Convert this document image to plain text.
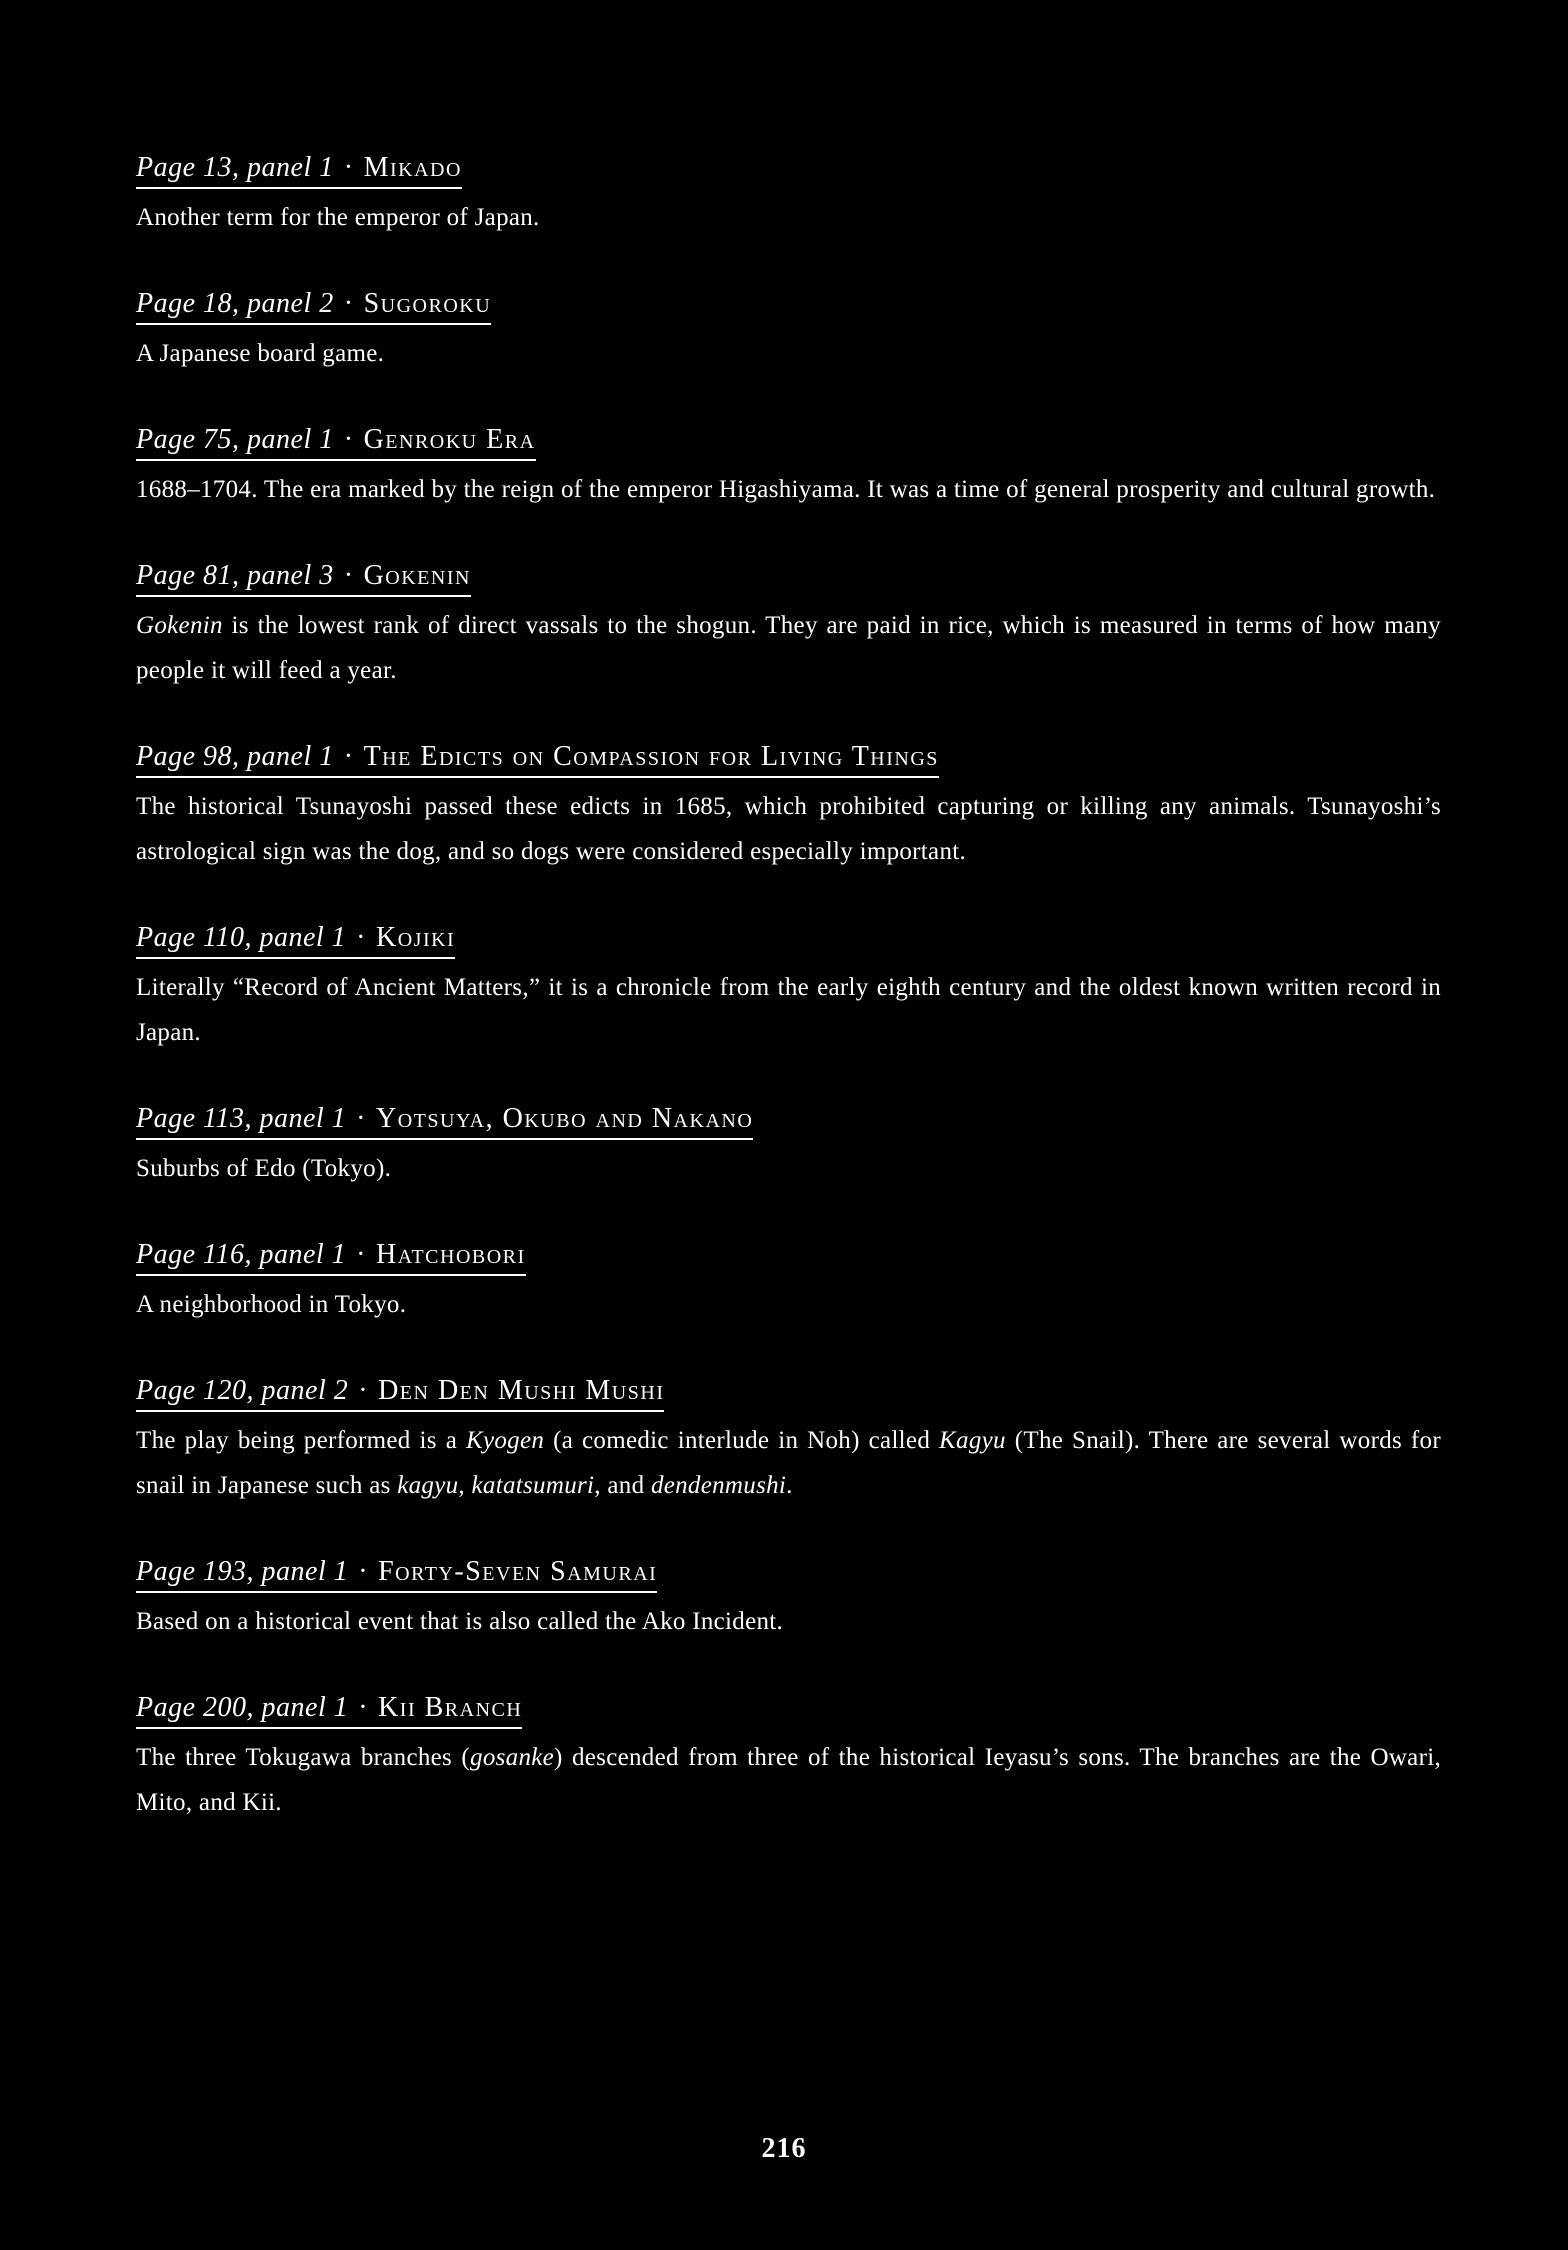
Page 13, panel 1 · Mikado

Another term for the emperor of Japan.

Page 18, panel 2 · Sugoroku

A Japanese board game.

Page 75, panel 1 · Genroku Era

1688–1704. The era marked by the reign of the emperor Higashiyama. It was a time of general prosperity and cultural growth.

Page 81, panel 3 · Gokenin

Gokenin is the lowest rank of direct vassals to the shogun. They are paid in rice, which is measured in terms of how many people it will feed a year.

Page 98, panel 1 · The Edicts on Compassion for Living Things

The historical Tsunayoshi passed these edicts in 1685, which prohibited capturing or killing any animals. Tsunayoshi’s astrological sign was the dog, and so dogs were considered especially important.

Page 110, panel 1 · Kojiki

Literally “Record of Ancient Matters,” it is a chronicle from the early eighth century and the oldest known written record in Japan.

Page 113, panel 1 · Yotsuya, Okubo and Nakano

Suburbs of Edo (Tokyo).

Page 116, panel 1 · Hatchobori

A neighborhood in Tokyo.

Page 120, panel 2 · Den Den Mushi Mushi

The play being performed is a Kyogen (a comedic interlude in Noh) called Kagyu (The Snail). There are several words for snail in Japanese such as kagyu, katatsumuri, and dendenmushi.

Page 193, panel 1 · Forty-Seven Samurai

Based on a historical event that is also called the Ako Incident.

Page 200, panel 1 · Kii Branch

The three Tokugawa branches (gosanke) descended from three of the historical Ieyasu’s sons. The branches are the Owari, Mito, and Kii.

216
